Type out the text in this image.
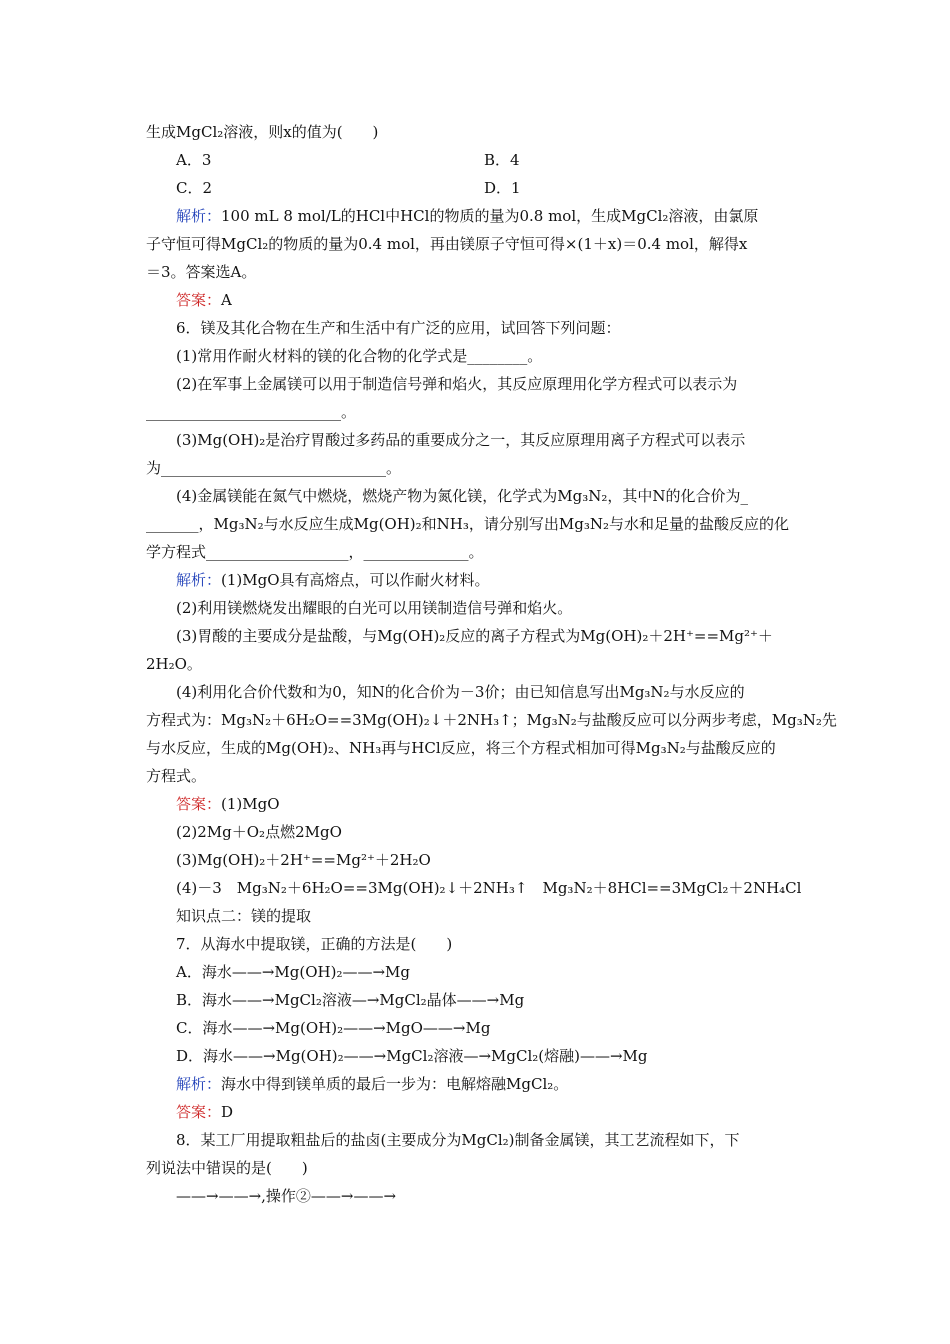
生成MgCl₂溶液，则x的值为(　　)
A．3	B．4
C．2	D．1
解析：100 mL 8 mol/L的HCl中HCl的物质的量为0.8 mol，生成MgCl₂溶液，由氯原
子守恒可得MgCl₂的物质的量为0.4 mol，再由镁原子守恒可得×(1＋x)＝0.4 mol，解得x
＝3。答案选A。
答案：A
6．镁及其化合物在生产和生活中有广泛的应用，试回答下列问题：
(1)常用作耐火材料的镁的化合物的化学式是________。
(2)在军事上金属镁可以用于制造信号弹和焰火，其反应原理用化学方程式可以表示为
__________________________。
(3)Mg(OH)₂是治疗胃酸过多药品的重要成分之一，其反应原理用离子方程式可以表示
为______________________________。
(4)金属镁能在氮气中燃烧，燃烧产物为氮化镁，化学式为Mg₃N₂，其中N的化合价为_
_______，Mg₃N₂与水反应生成Mg(OH)₂和NH₃，请分别写出Mg₃N₂与水和足量的盐酸反应的化
学方程式___________________，______________。
解析：(1)MgO具有高熔点，可以作耐火材料。
(2)利用镁燃烧发出耀眼的白光可以用镁制造信号弹和焰火。
(3)胃酸的主要成分是盐酸，与Mg(OH)₂反应的离子方程式为Mg(OH)₂＋2H⁺==Mg²⁺＋
2H₂O。
(4)利用化合价代数和为0，知N的化合价为－3价；由已知信息写出Mg₃N₂与水反应的
方程式为：Mg₃N₂＋6H₂O==3Mg(OH)₂↓＋2NH₃↑；Mg₃N₂与盐酸反应可以分两步考虑，Mg₃N₂先
与水反应，生成的Mg(OH)₂、NH₃再与HCl反应，将三个方程式相加可得Mg₃N₂与盐酸反应的
方程式。
答案：(1)MgO
(2)2Mg＋O₂点燃2MgO
(3)Mg(OH)₂＋2H⁺==Mg²⁺＋2H₂O
(4)－3　Mg₃N₂＋6H₂O==3Mg(OH)₂↓＋2NH₃↑　Mg₃N₂＋8HCl==3MgCl₂＋2NH₄Cl
知识点二：镁的提取
7．从海水中提取镁，正确的方法是(　　)
A．海水——→Mg(OH)₂——→Mg
B．海水——→MgCl₂溶液—→MgCl₂晶体——→Mg
C．海水——→Mg(OH)₂——→MgO——→Mg
D．海水——→Mg(OH)₂——→MgCl₂溶液—→MgCl₂(熔融)——→Mg
解析：海水中得到镁单质的最后一步为：电解熔融MgCl₂。
答案：D
8．某工厂用提取粗盐后的盐卤(主要成分为MgCl₂)制备金属镁，其工艺流程如下，下
列说法中错误的是(　　)
——→——→,操作②——→——→
